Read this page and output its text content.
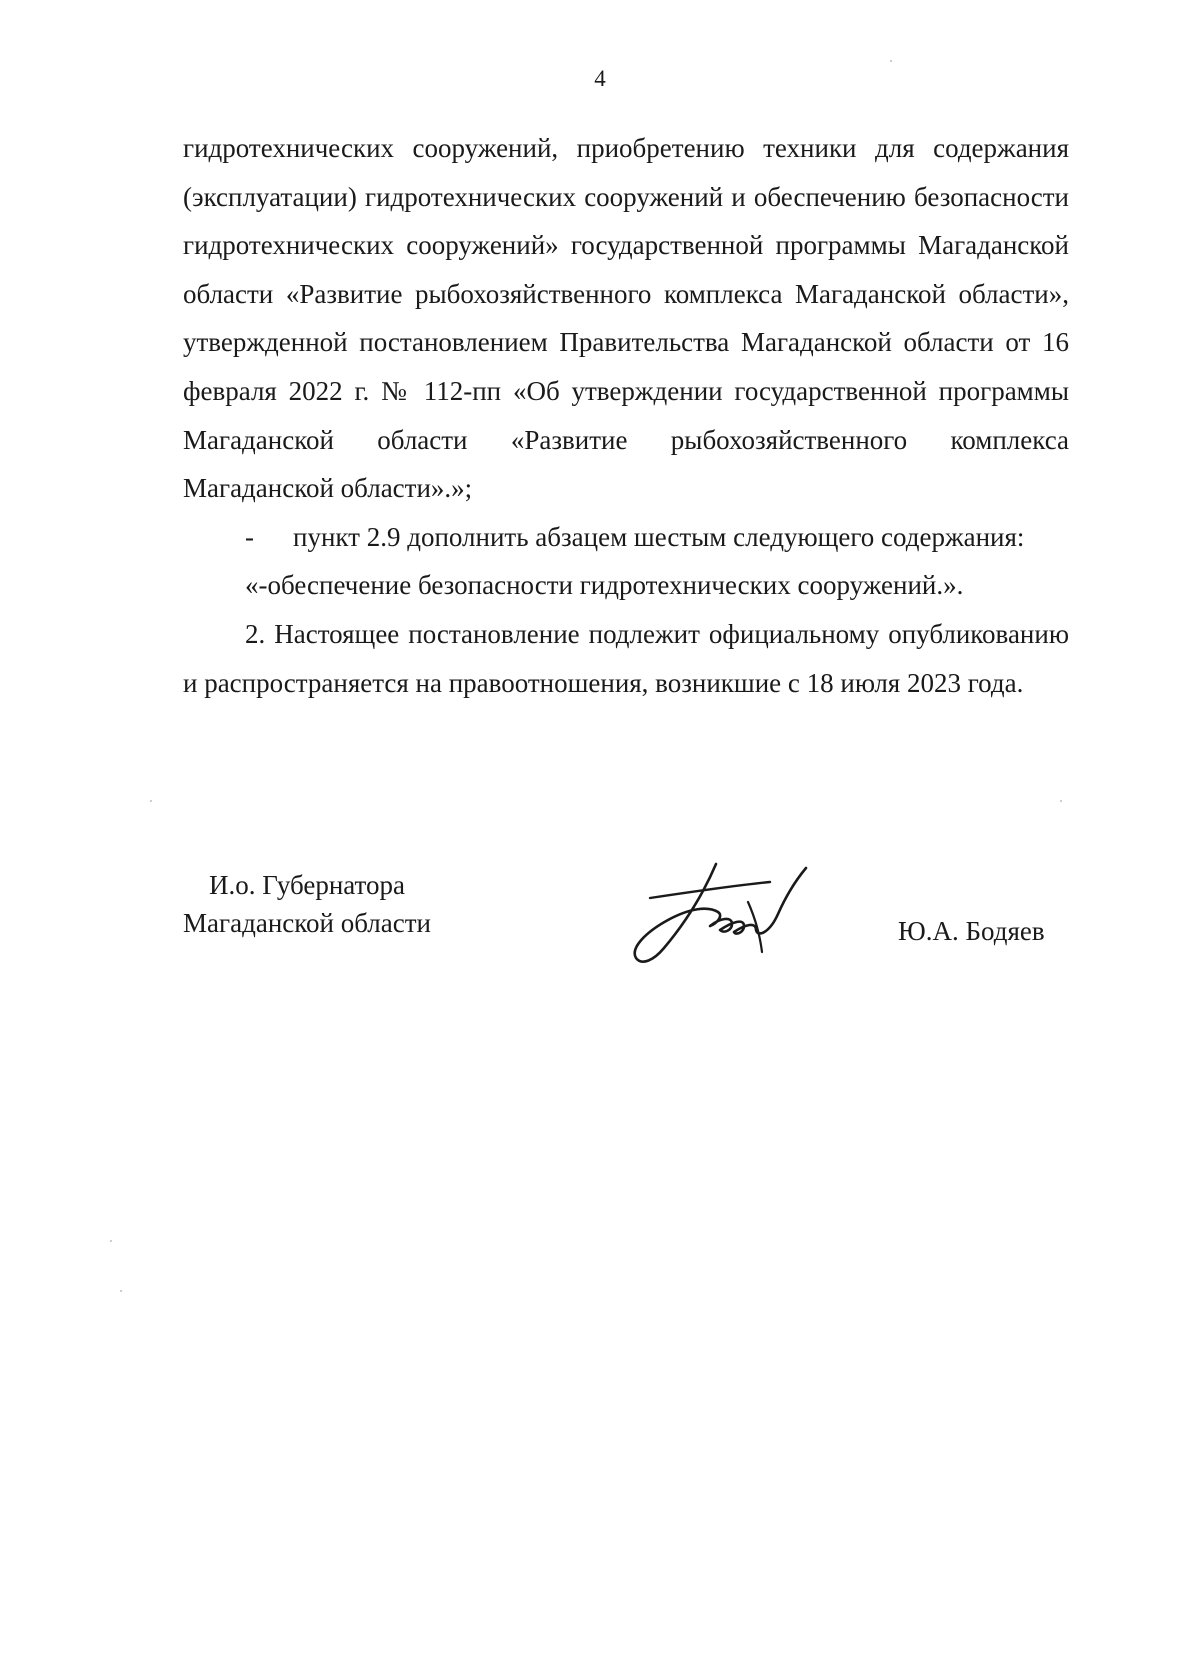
4

гидротехнических сооружений, приобретению техники для содержания (эксплуатации) гидротехнических сооружений и обеспечению безопасности гидротехнических сооружений» государственной программы Магаданской области «Развитие рыбохозяйственного комплекса Магаданской области», утвержденной постановлением Правительства Магаданской области от 16 февраля 2022 г. № 112-пп «Об утверждении государственной программы Магаданской области «Развитие рыбохозяйственного комплекса Магаданской области».»;

- пункт 2.9 дополнить абзацем шестым следующего содержания:

«-обеспечение безопасности гидротехнических сооружений.».

2. Настоящее постановление подлежит официальному опубликованию и распространяется на правоотношения, возникшие с 18 июля 2023 года.

И.о. Губернатора
Магаданской области	Ю.А. Бодяев
